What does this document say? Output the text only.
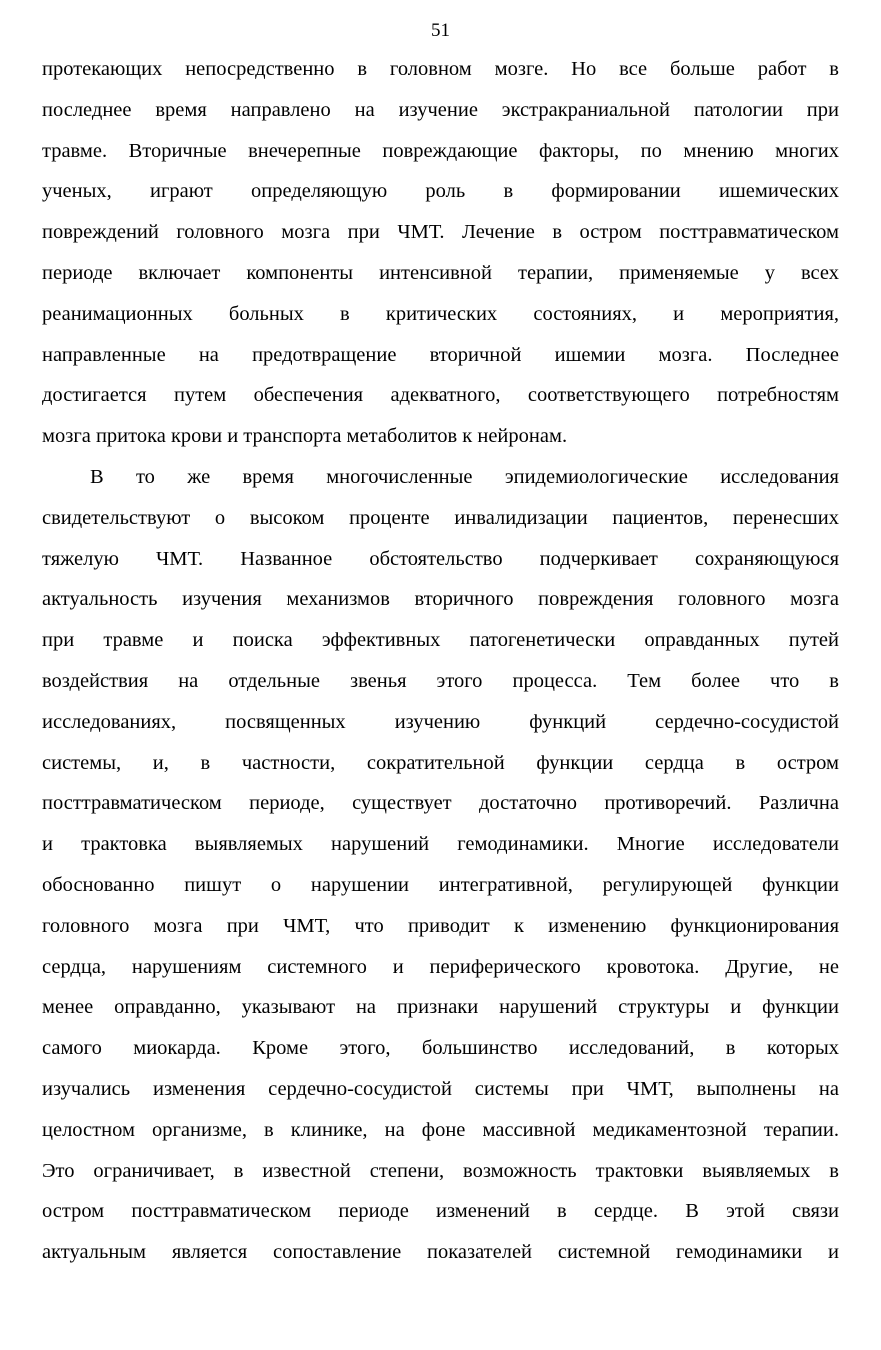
51
протекающих непосредственно в головном мозге. Но все больше работ в
последнее время направлено на изучение экстракраниальной патологии при
травме. Вторичные внечерепные повреждающие факторы, по мнению многих
ученых, играют определяющую роль в формировании ишемических
повреждений головного мозга при ЧМТ. Лечение в остром посттравматическом
периоде включает компоненты интенсивной терапии, применяемые у всех
реанимационных больных в критических состояниях, и мероприятия,
направленные на предотвращение вторичной ишемии мозга. Последнее
достигается путем обеспечения адекватного, соответствующего потребностям
мозга притока крови и транспорта метаболитов к нейронам.
В то же время многочисленные эпидемиологические исследования
свидетельствуют о высоком проценте инвалидизации пациентов, перенесших
тяжелую ЧМТ. Названное обстоятельство подчеркивает сохраняющуюся
актуальность изучения механизмов вторичного повреждения головного мозга
при травме и поиска эффективных патогенетически оправданных путей
воздействия на отдельные звенья этого процесса. Тем более что в
исследованиях, посвященных изучению функций сердечно-сосудистой
системы, и, в частности, сократительной функции сердца в остром
посттравматическом периоде, существует достаточно противоречий. Различна
и трактовка выявляемых нарушений гемодинамики. Многие исследователи
обоснованно пишут о нарушении интегративной, регулирующей функции
головного мозга при ЧМТ, что приводит к изменению функционирования
сердца, нарушениям системного и периферического кровотока. Другие, не
менее оправданно, указывают на признаки нарушений структуры и функции
самого миокарда. Кроме этого, большинство исследований, в которых
изучались изменения сердечно-сосудистой системы при ЧМТ, выполнены на
целостном организме, в клинике, на фоне массивной медикаментозной терапии.
Это ограничивает, в известной степени, возможность трактовки выявляемых в
остром посттравматическом периоде изменений в сердце. В этой связи
актуальным является сопоставление показателей системной гемодинамики и
